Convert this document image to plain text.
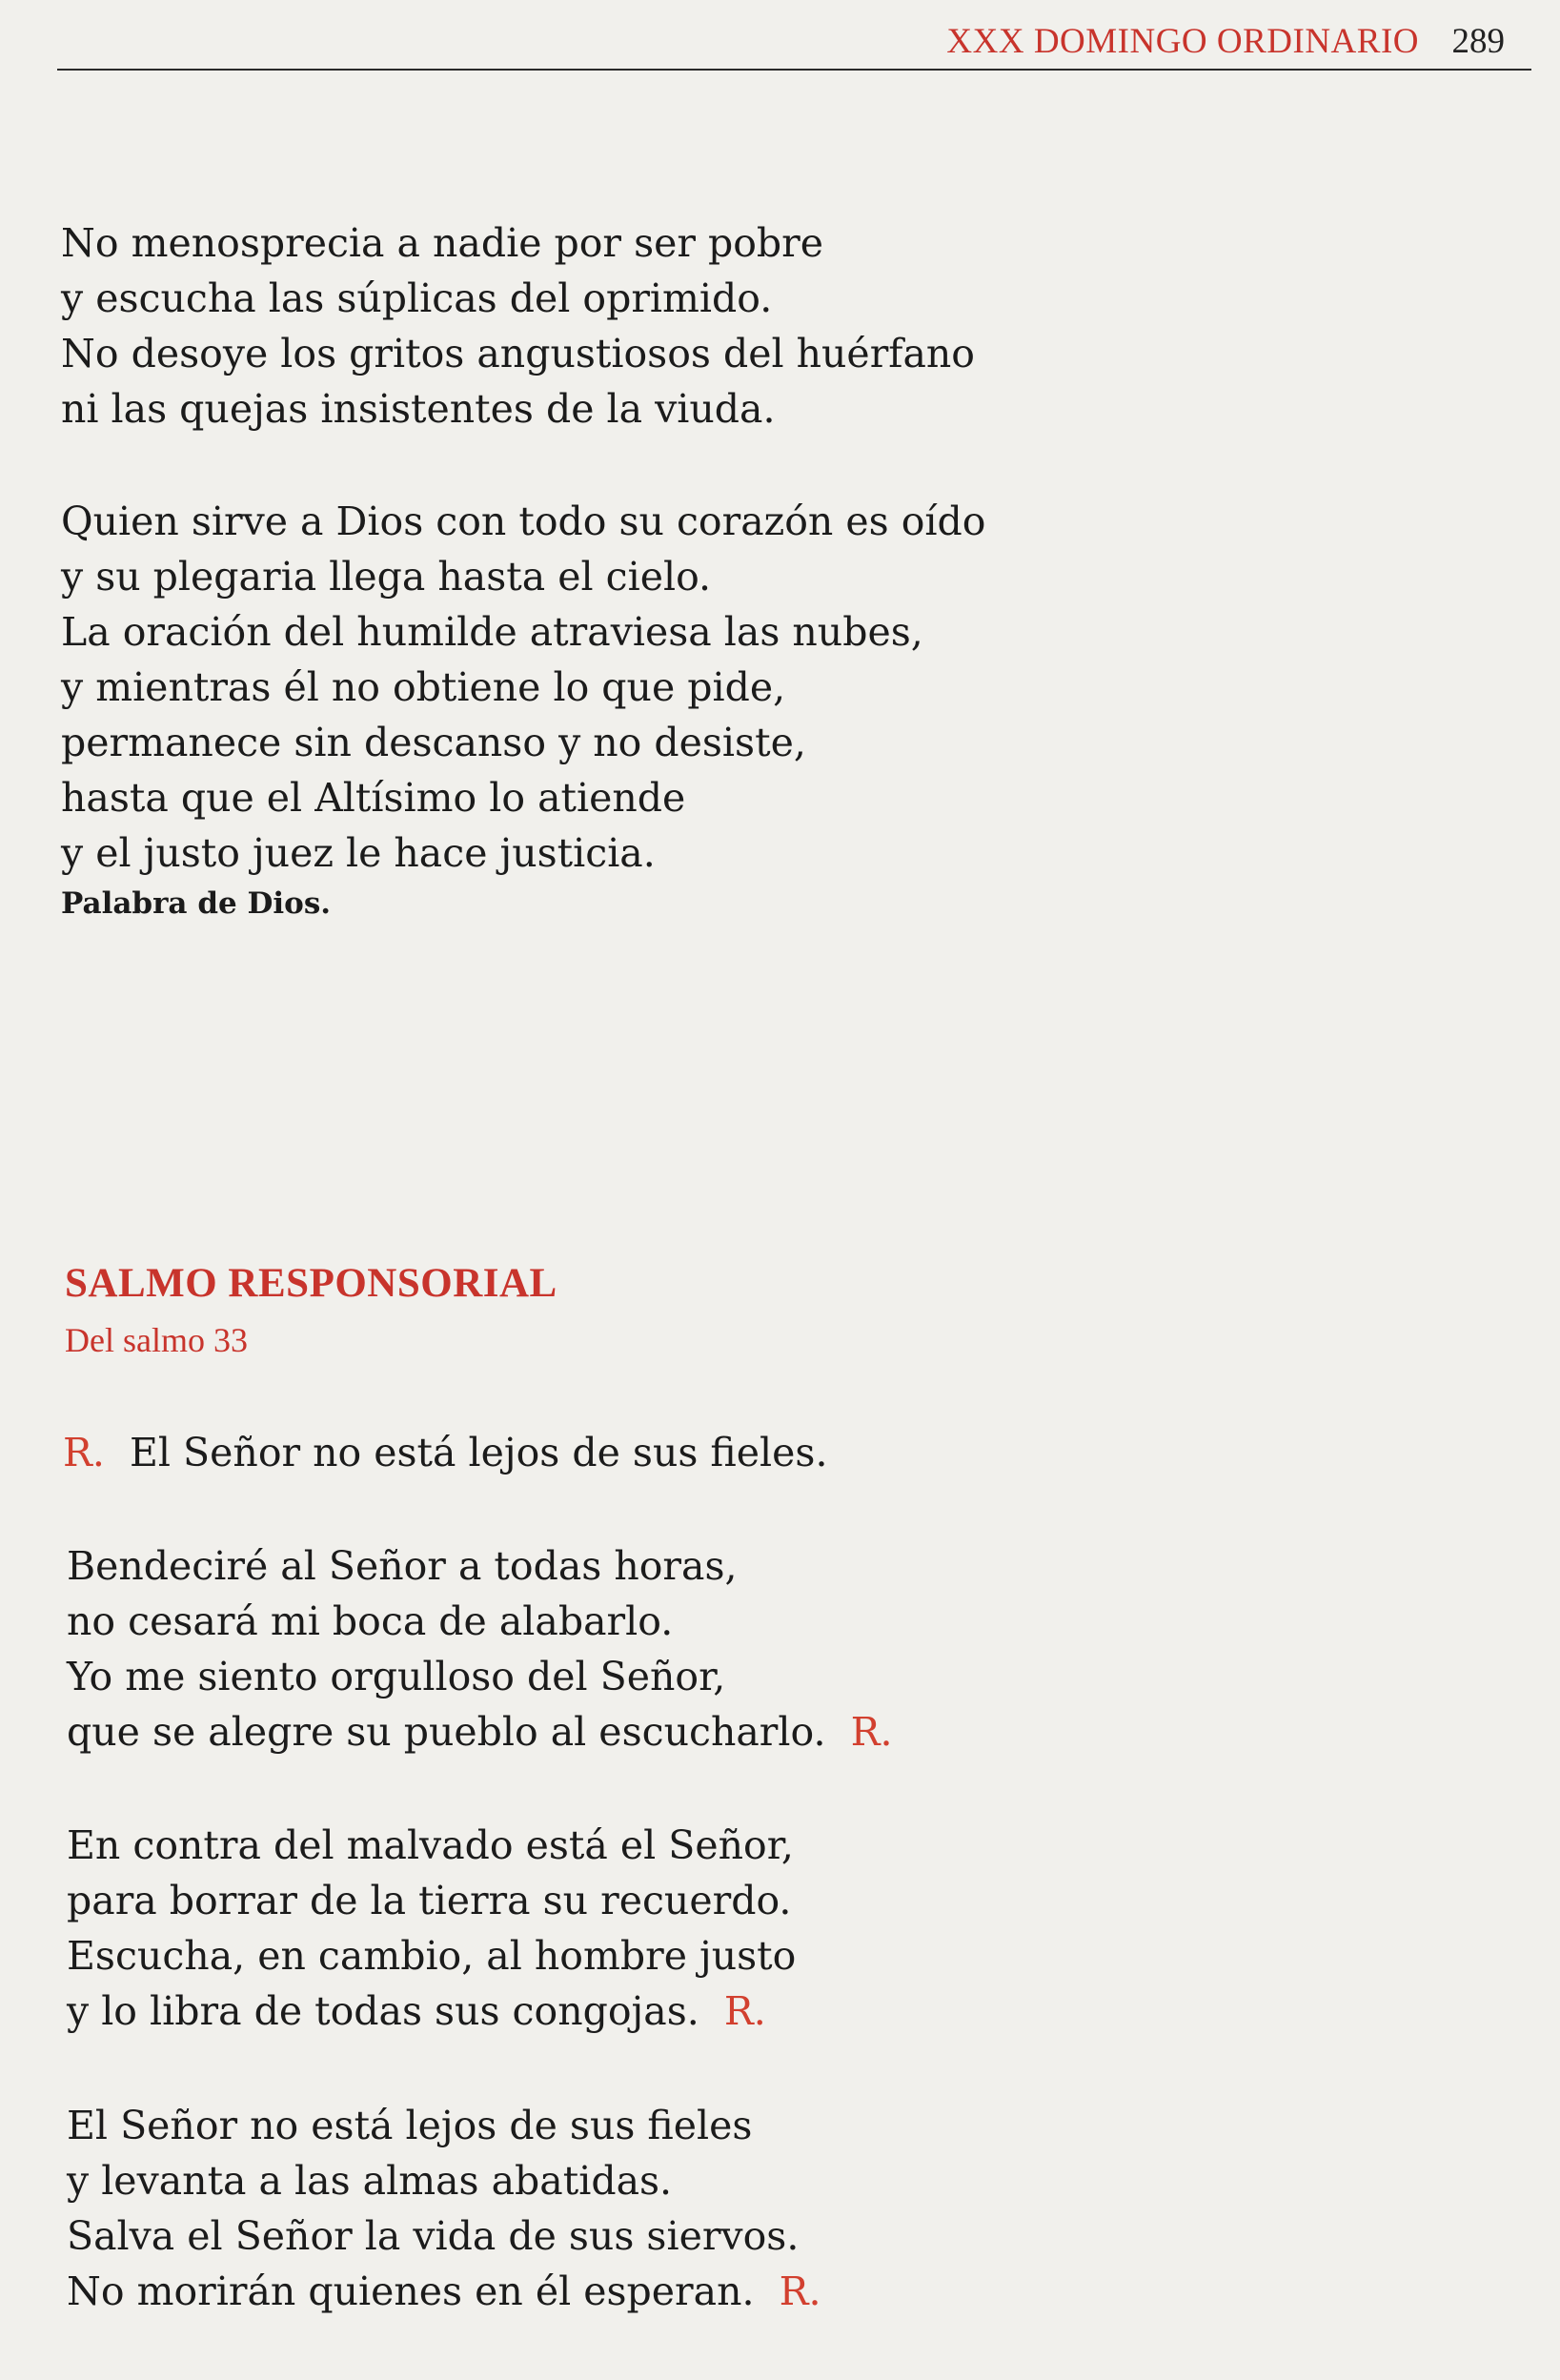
XXX DOMINGO ORDINARIO 289
No menosprecia a nadie por ser pobre
y escucha las súplicas del oprimido.
No desoye los gritos angustiosos del huérfano
ni las quejas insistentes de la viuda.
Quien sirve a Dios con todo su corazón es oído
y su plegaria llega hasta el cielo.
La oración del humilde atraviesa las nubes,
y mientras él no obtiene lo que pide,
permanece sin descanso y no desiste,
hasta que el Altísimo lo atiende
y el justo juez le hace justicia.
Palabra de Dios.
SALMO RESPONSORIAL
Del salmo 33
R. El Señor no está lejos de sus fieles.
Bendeciré al Señor a todas horas,
no cesará mi boca de alabarlo.
Yo me siento orgulloso del Señor,
que se alegre su pueblo al escucharlo. R.
En contra del malvado está el Señor,
para borrar de la tierra su recuerdo.
Escucha, en cambio, al hombre justo
y lo libra de todas sus congojas. R.
El Señor no está lejos de sus fieles
y levanta a las almas abatidas.
Salva el Señor la vida de sus siervos.
No morirán quienes en él esperan. R.
